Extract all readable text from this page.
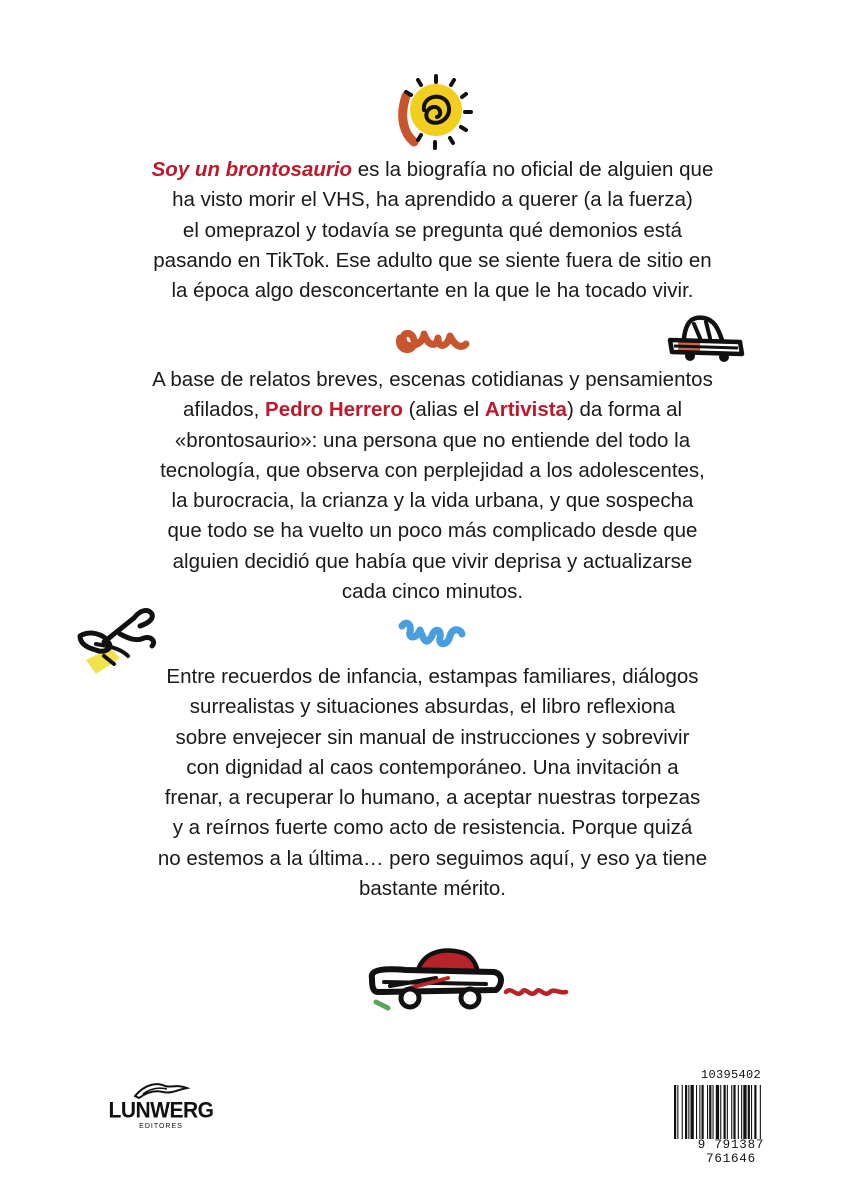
Soy un brontosaurio es la biografía no oficial de alguien que
ha visto morir el VHS, ha aprendido a querer (a la fuerza)
el omeprazol y todavía se pregunta qué demonios está
pasando en TikTok. Ese adulto que se siente fuera de sitio en
la época algo desconcertante en la que le ha tocado vivir.
A base de relatos breves, escenas cotidianas y pensamientos
afilados, Pedro Herrero (alias el Artivista) da forma al
«brontosaurio»: una persona que no entiende del todo la
tecnología, que observa con perplejidad a los adolescentes,
la burocracia, la crianza y la vida urbana, y que sospecha
que todo se ha vuelto un poco más complicado desde que
alguien decidió que había que vivir deprisa y actualizarse
cada cinco minutos.
Entre recuerdos de infancia, estampas familiares, diálogos
surrealistas y situaciones absurdas, el libro reflexiona
sobre envejecer sin manual de instrucciones y sobrevivir
con dignidad al caos contemporáneo. Una invitación a
frenar, a recuperar lo humano, a aceptar nuestras torpezas
y a reírnos fuerte como acto de resistencia. Porque quizá
no estemos a la última… pero seguimos aquí, y eso ya tiene
bastante mérito.
LUNWERG
EDITORES
10395402
9 791387 761646
